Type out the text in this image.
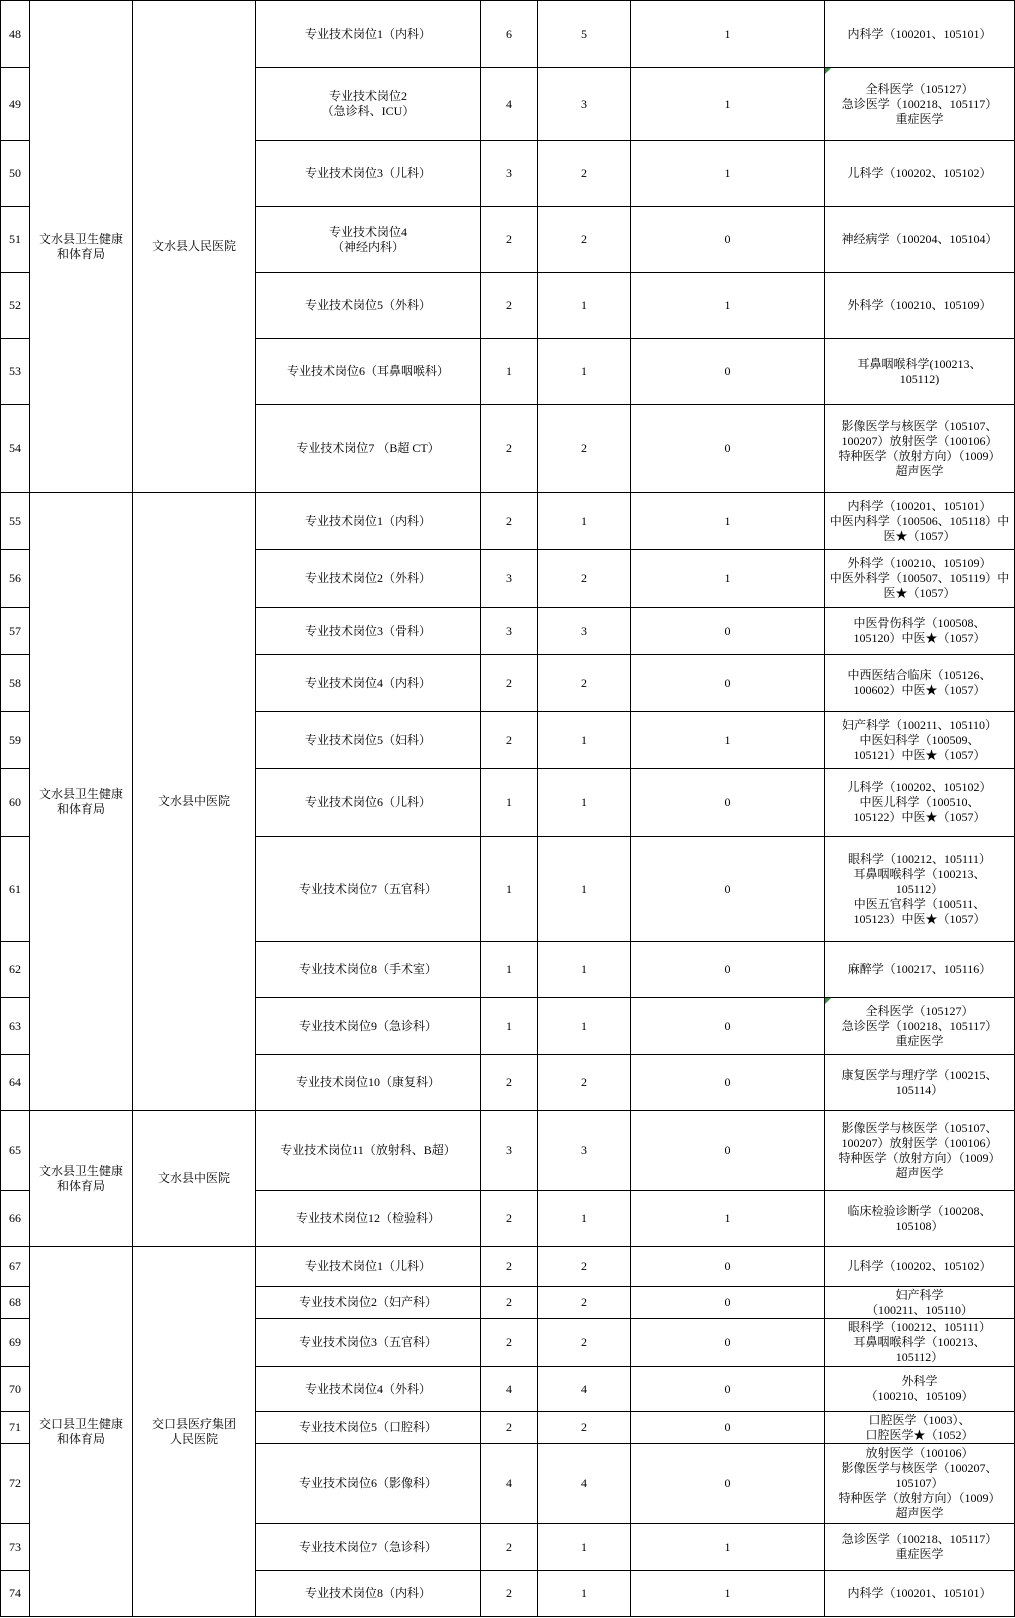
48	文水县卫生健康
和体育局	文水县人民医院	专业技术岗位1（内科）	6	5	1	内科学（100201、105101）

49			专业技术岗位2
（急诊科、ICU）	4	3	1	全科医学（105127）
急诊医学（100218、105117）
重症医学

50			专业技术岗位3（儿科）	3	2	1	儿科学（100202、105102）

51			专业技术岗位4
（神经内科）	2	2	0	神经病学（100204、105104）

52			专业技术岗位5（外科）	2	1	1	外科学（100210、105109）

53			专业技术岗位6（耳鼻咽喉科）	1	1	0	耳鼻咽喉科学(100213、
105112)

54			专业技术岗位7 （B超 CT）	2	2	0	影像医学与核医学（105107、
100207）放射医学（100106）
特种医学（放射方向）（1009）
超声医学

55	文水县卫生健康
和体育局	文水县中医院	专业技术岗位1（内科）	2	1	1	内科学（100201、105101）
中医内科学（100506、105118）中
医★（1057）

56			专业技术岗位2（外科）	3	2	1	外科学（100210、105109）
中医外科学（100507、105119）中
医★（1057）

57			专业技术岗位3（骨科）	3	3	0	中医骨伤科学（100508、
105120）中医★（1057）

58			专业技术岗位4（内科）	2	2	0	中西医结合临床（105126、
100602）中医★（1057）

59			专业技术岗位5（妇科）	2	1	1	妇产科学（100211、105110）
中医妇科学（100509、
105121）中医★（1057）

60			专业技术岗位6（儿科）	1	1	0	儿科学（100202、105102）
中医儿科学（100510、
105122）中医★（1057）

61			专业技术岗位7（五官科）	1	1	0	眼科学（100212、105111）
耳鼻咽喉科学（100213、
105112）
中医五官科学（100511、
105123）中医★（1057）

62			专业技术岗位8（手术室）	1	1	0	麻醉学（100217、105116）

63			专业技术岗位9（急诊科）	1	1	0	全科医学（105127）
急诊医学（100218、105117）
重症医学

64			专业技术岗位10（康复科）	2	2	0	康复医学与理疗学（100215、
105114）

65	文水县卫生健康
和体育局	文水县中医院	专业技术岗位11（放射科、B超）	3	3	0	影像医学与核医学（105107、
100207）放射医学（100106）
特种医学（放射方向）（1009）
超声医学

66			专业技术岗位12（检验科）	2	1	1	临床检验诊断学（100208、
105108）

67	交口县卫生健康
和体育局	交口县医疗集团
人民医院	专业技术岗位1（儿科）	2	2	0	儿科学（100202、105102）

68			专业技术岗位2（妇产科）	2	2	0	妇产科学
（100211、105110）

69			专业技术岗位3（五官科）	2	2	0	眼科学（100212、105111）
耳鼻咽喉科学（100213、
105112）

70			专业技术岗位4（外科）	4	4	0	外科学
（100210、105109）

71			专业技术岗位5（口腔科）	2	2	0	口腔医学（1003）、
口腔医学★（1052）

72			专业技术岗位6（影像科）	4	4	0	放射医学（100106）
影像医学与核医学（100207、
105107）
特种医学（放射方向）（1009）
超声医学

73			专业技术岗位7（急诊科）	2	1	1	急诊医学（100218、105117）
重症医学

74			专业技术岗位8（内科）	2	1	1	内科学（100201、105101）
